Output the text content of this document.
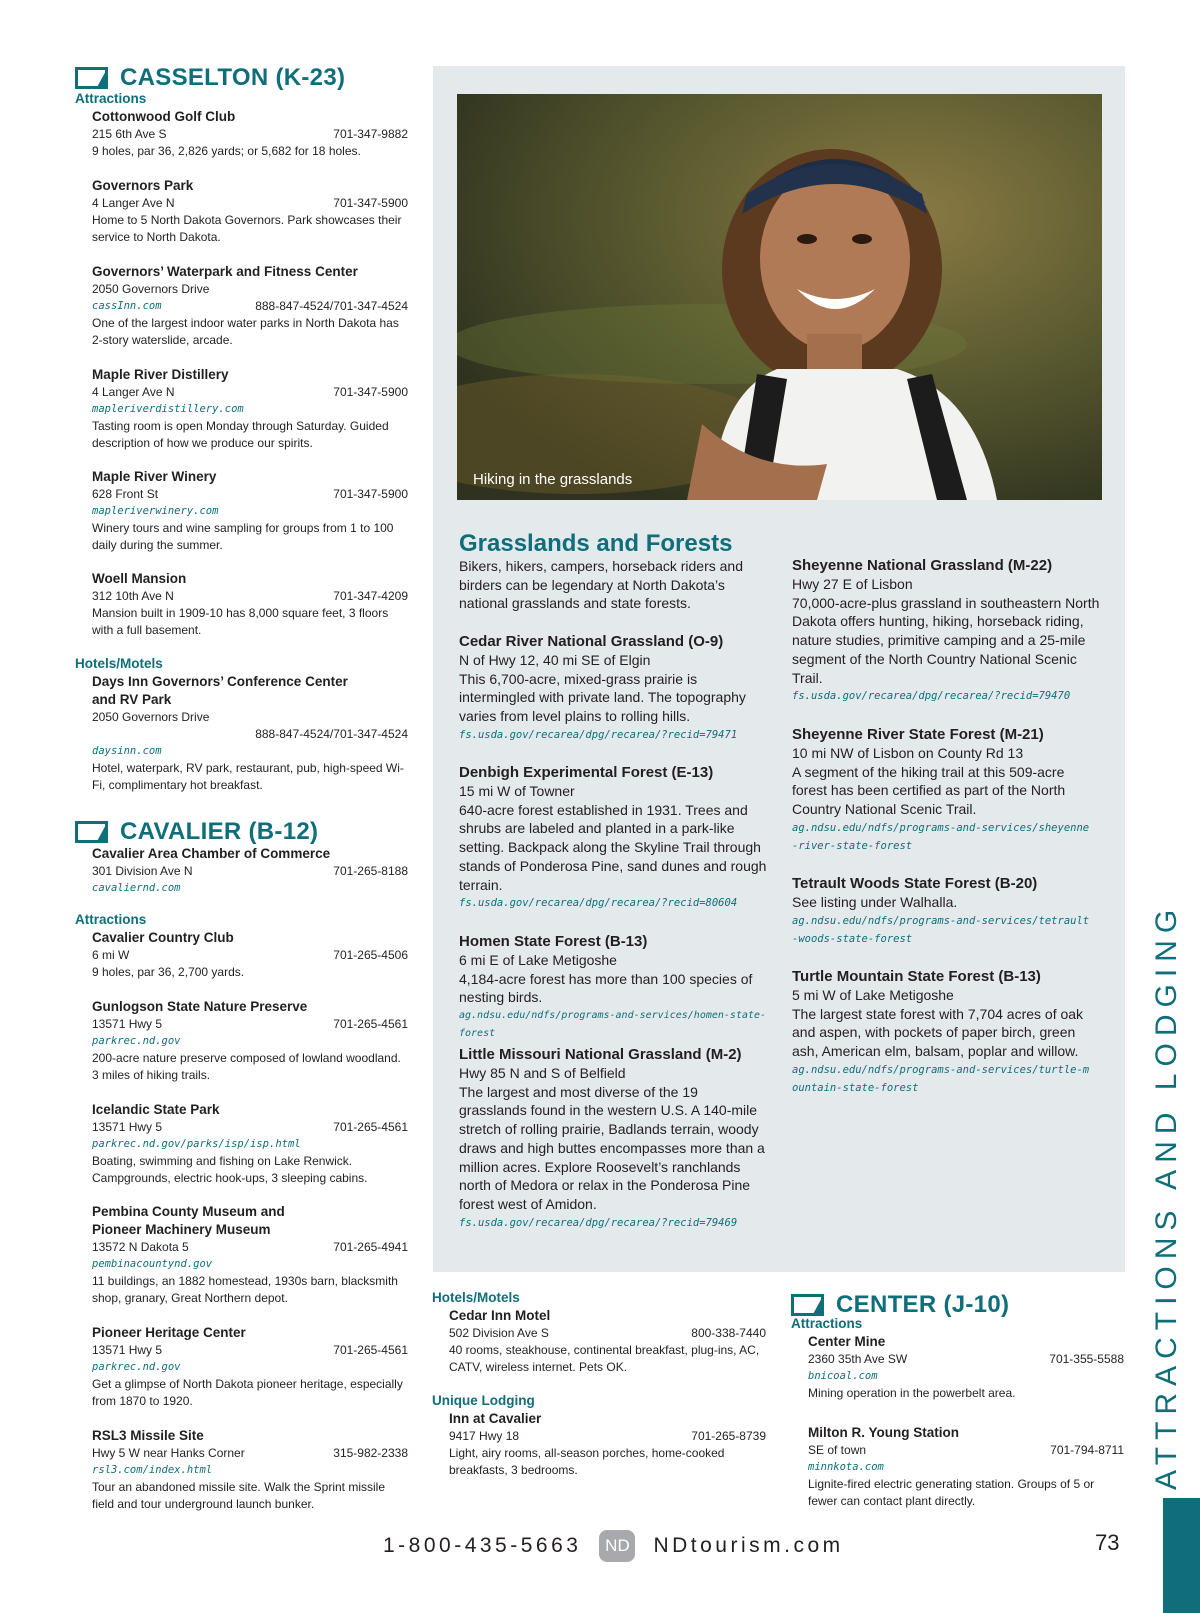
CASSELTON (K-23)
Attractions
Cottonwood Golf Club
215 6th Ave S	701-347-9882
9 holes, par 36, 2,826 yards; or 5,682 for 18 holes.
Governors Park
4 Langer Ave N	701-347-5900
Home to 5 North Dakota Governors. Park showcases their service to North Dakota.
Governors’ Waterpark and Fitness Center
2050 Governors Drive
cassInn.com	888-847-4524/701-347-4524
One of the largest indoor water parks in North Dakota has 2-story waterslide, arcade.
Maple River Distillery
4 Langer Ave N	701-347-5900
mapleriverdistillery.com
Tasting room is open Monday through Saturday. Guided description of how we produce our spirits.
Maple River Winery
628 Front St	701-347-5900
mapleriverwinery.com
Winery tours and wine sampling for groups from 1 to 100 daily during the summer.
Woell Mansion
312 10th Ave N	701-347-4209
Mansion built in 1909-10 has 8,000 square feet, 3 floors with a full basement.
Hotels/Motels
Days Inn Governors’ Conference Center
and RV Park
2050 Governors Drive
888-847-4524/701-347-4524
daysinn.com
Hotel, waterpark, RV park, restaurant, pub, high-speed Wi-Fi, complimentary hot breakfast.
CAVALIER (B-12)
Cavalier Area Chamber of Commerce
301 Division Ave N	701-265-8188
cavaliernd.com
Attractions
Cavalier Country Club
6 mi W	701-265-4506
9 holes, par 36, 2,700 yards.
Gunlogson State Nature Preserve
13571 Hwy 5	701-265-4561
parkrec.nd.gov
200-acre nature preserve composed of lowland woodland. 3 miles of hiking trails.
Icelandic State Park
13571 Hwy 5	701-265-4561
parkrec.nd.gov/parks/isp/isp.html
Boating, swimming and fishing on Lake Renwick. Campgrounds, electric hook-ups, 3 sleeping cabins.
Pembina County Museum and
Pioneer Machinery Museum
13572 N Dakota 5	701-265-4941
pembinacountynd.gov
11 buildings, an 1882 homestead, 1930s barn, blacksmith shop, granary, Great Northern depot.
Pioneer Heritage Center
13571 Hwy 5	701-265-4561
parkrec.nd.gov
Get a glimpse of North Dakota pioneer heritage, especially from 1870 to 1920.
RSL3 Missile Site
Hwy 5 W near Hanks Corner	315-982-2338
rsl3.com/index.html
Tour an abandoned missile site. Walk the Sprint missile field and tour underground launch bunker.
Hotels/Motels
Cedar Inn Motel
502 Division Ave S	800-338-7440
40 rooms, steakhouse, continental breakfast, plug-ins, AC, CATV, wireless internet. Pets OK.
Unique Lodging
Inn at Cavalier
9417 Hwy 18	701-265-8739
Light, airy rooms, all-season porches, home-cooked breakfasts, 3 bedrooms.
Hiking in the grasslands
Grasslands and Forests
Bikers, hikers, campers, horseback riders and birders can be legendary at North Dakota’s national grasslands and state forests.
Cedar River National Grassland (O-9)
N of Hwy 12, 40 mi SE of Elgin
This 6,700-acre, mixed-grass prairie is intermingled with private land. The topography varies from level plains to rolling hills.
fs.usda.gov/recarea/dpg/recarea/?recid=79471
Denbigh Experimental Forest (E-13)
15 mi W of Towner
640-acre forest established in 1931. Trees and shrubs are labeled and planted in a park-like setting. Backpack along the Skyline Trail through stands of Ponderosa Pine, sand dunes and rough terrain.
fs.usda.gov/recarea/dpg/recarea/?recid=80604
Homen State Forest (B-13)
6 mi E of Lake Metigoshe
4,184-acre forest has more than 100 species of nesting birds.
ag.ndsu.edu/ndfs/programs-and-services/homen-state-forest
Little Missouri National Grassland (M-2)
Hwy 85 N and S of Belfield
The largest and most diverse of the 19 grasslands found in the western U.S. A 140-mile stretch of rolling prairie, Badlands terrain, woody draws and high buttes encompasses more than a million acres. Explore Roosevelt’s ranchlands north of Medora or relax in the Ponderosa Pine forest west of Amidon.
fs.usda.gov/recarea/dpg/recarea/?recid=79469
Sheyenne National Grassland (M-22)
Hwy 27 E of Lisbon
70,000-acre-plus grassland in southeastern North Dakota offers hunting, hiking, horseback riding, nature studies, primitive camping and a 25-mile segment of the North Country National Scenic Trail.
fs.usda.gov/recarea/dpg/recarea/?recid=79470
Sheyenne River State Forest (M-21)
10 mi NW of Lisbon on County Rd 13
A segment of the hiking trail at this 509-acre forest has been certified as part of the North Country National Scenic Trail.
ag.ndsu.edu/ndfs/programs-and-services/sheyenne-river-state-forest
Tetrault Woods State Forest (B-20)
See listing under Walhalla.
ag.ndsu.edu/ndfs/programs-and-services/tetrault-woods-state-forest
Turtle Mountain State Forest (B-13)
5 mi W of Lake Metigoshe
The largest state forest with 7,704 acres of oak and aspen, with pockets of paper birch, green ash, American elm, balsam, poplar and willow.
ag.ndsu.edu/ndfs/programs-and-services/turtle-mountain-state-forest
CENTER (J-10)
Attractions
Center Mine
2360 35th Ave SW	701-355-5588
bnicoal.com
Mining operation in the powerbelt area.
Milton R. Young Station
SE of town	701-794-8711
minnkota.com
Lignite-fired electric generating station. Groups of 5 or fewer can contact plant directly.
ATTRACTIONS AND LODGING
1-800-435-5663	ND NDtourism.com	73
